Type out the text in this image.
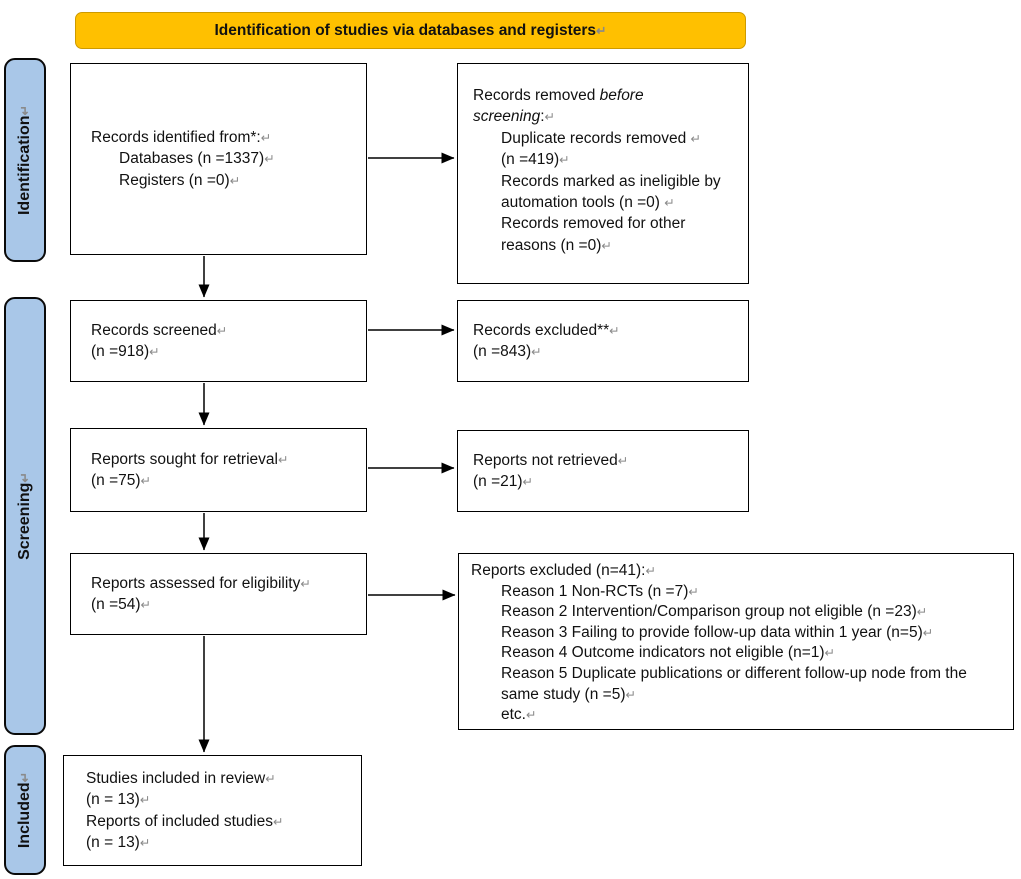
Identification of studies via databases and registers ↵
Identification↵
Screening↵
Included↵
Records identified from*:↵
Databases (n =1337)↵
Registers (n =0)↵
Records removed before
screening:↵
Duplicate records removed ↵
(n =419)↵
Records marked as ineligible by automation tools (n =0) ↵
Records removed for other reasons (n =0)↵
Records screened↵
(n =918)↵
Records excluded**↵
(n =843)↵
Reports sought for retrieval↵
(n =75)↵
Reports not retrieved↵
(n =21)↵
Reports assessed for eligibility↵
(n =54)↵
Reports excluded (n=41):↵
Reason 1 Non-RCTs (n =7)↵
Reason 2 Intervention/Comparison group not eligible (n =23)↵
Reason 3 Failing to provide follow-up data within 1 year (n=5)↵
Reason 4 Outcome indicators not eligible (n=1)↵
Reason 5 Duplicate publications or different follow-up node from the same study (n =5)↵
etc.↵
Studies included in review↵
(n = 13)↵
Reports of included studies↵
(n = 13)↵
